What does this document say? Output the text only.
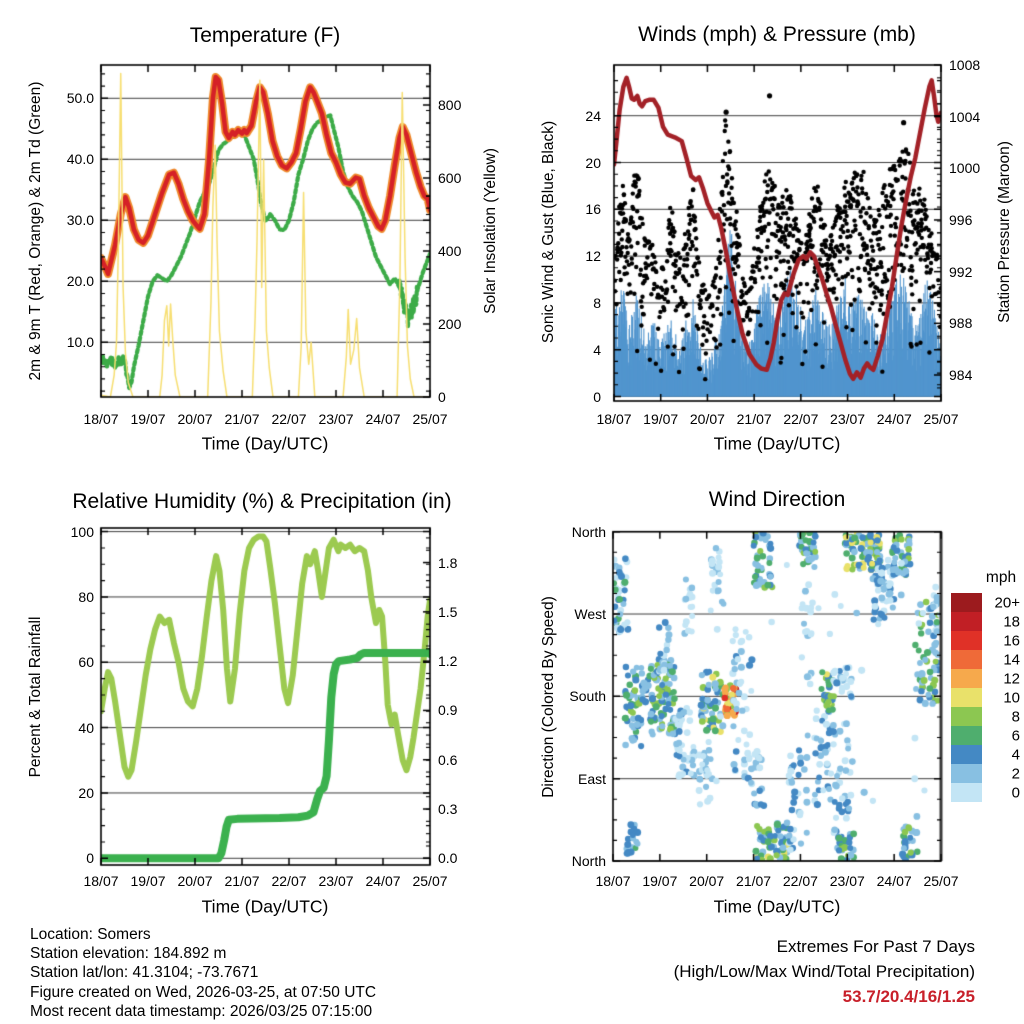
Temperature (F)	Winds (mph) & Pressure (mb)
Relative Humidity (%) & Precipitation (in)	Wind Direction
2m & 9m T (Red, Orange) & 2m Td (Green)	Solar Insolation (Yellow)	Sonic Wind & Gust (Blue, Black)	Station Pressure (Maroon)
Percent & Total Rainfall	Direction (Colored By Speed)
Time (Day/UTC)	Time (Day/UTC)
Time (Day/UTC)	Time (Day/UTC)
18/07	18/07
18/07	18/07
19/07	19/07
19/07	19/07
20/07	20/07
20/07	20/07
21/07	21/07
21/07	21/07
22/07	22/07
22/07	22/07
23/07	23/07
23/07	23/07
24/07	24/07
24/07	24/07
25/07	25/07
25/07	25/07
10.0
20.0
30.0
40.0
50.0
0
200
400
600
800
0
4
8
12
16
20
24
984
988
992
996
1000
1004
1008
0
20
40
60
80
100
0.0
0.3
0.6
0.9
1.2
1.5
1.8
North
West
South
East
North
mph
20+
18
16
14
12
10
8
6
4
2
0
Location: Somers
Station elevation: 184.892 m
Station lat/lon: 41.3104; -73.7671
Figure created on Wed, 2026-03-25, at 07:50 UTC
Most recent data timestamp: 2026/03/25 07:15:00
Extremes For Past 7 Days
(High/Low/Max Wind/Total Precipitation)
53.7/20.4/16/1.25
